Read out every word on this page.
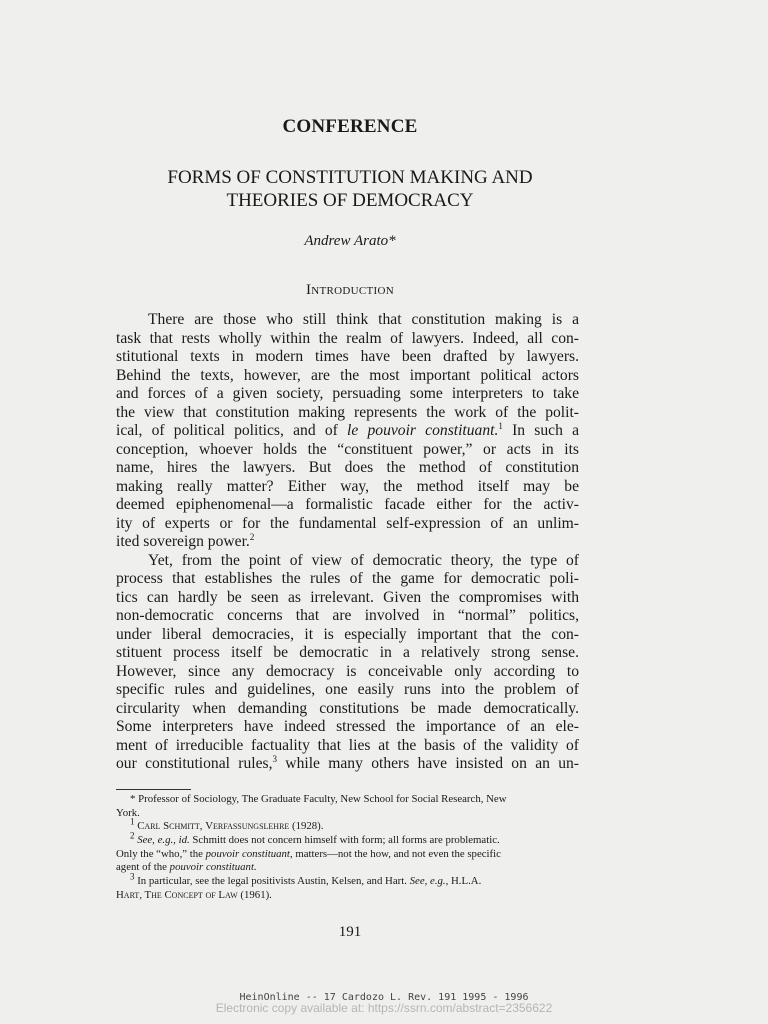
CONFERENCE
FORMS OF CONSTITUTION MAKING AND
THEORIES OF DEMOCRACY
Andrew Arato*
Introduction
There are those who still think that constitution making is a
task that rests wholly within the realm of lawyers. Indeed, all con-
stitutional texts in modern times have been drafted by lawyers.
Behind the texts, however, are the most important political actors
and forces of a given society, persuading some interpreters to take
the view that constitution making represents the work of the polit-
ical, of political politics, and of le pouvoir constituant.$^1$ In such a
conception, whoever holds the “constituent power,” or acts in its
name, hires the lawyers. But does the method of constitution
making really matter? Either way, the method itself may be
deemed epiphenomenal—a formalistic facade either for the activ-
ity of experts or for the fundamental self-expression of an unlim-
ited sovereign power.$^2$
Yet, from the point of view of democratic theory, the type of
process that establishes the rules of the game for democratic poli-
tics can hardly be seen as irrelevant. Given the compromises with
non-democratic concerns that are involved in “normal” politics,
under liberal democracies, it is especially important that the con-
stituent process itself be democratic in a relatively strong sense.
However, since any democracy is conceivable only according to
specific rules and guidelines, one easily runs into the problem of
circularity when demanding constitutions be made democratically.
Some interpreters have indeed stressed the importance of an ele-
ment of irreducible factuality that lies at the basis of the validity of
our constitutional rules,$^3$ while many others have insisted on an un-
* Professor of Sociology, The Graduate Faculty, New School for Social Research, New
York.
$^1$ Carl Schmitt, Verfassungslehre (1928).
$^2$ See, e.g., id. Schmitt does not concern himself with form; all forms are problematic.
Only the “who,” the pouvoir constituant, matters—not the how, and not even the specific
agent of the pouvoir constituant.
$^3$ In particular, see the legal positivists Austin, Kelsen, and Hart. See, e.g., H.L.A.
Hart, The Concept of Law (1961).
191
HeinOnline -- 17 Cardozo L. Rev. 191 1995 - 1996
Electronic copy available at: https://ssrn.com/abstract=2356622
